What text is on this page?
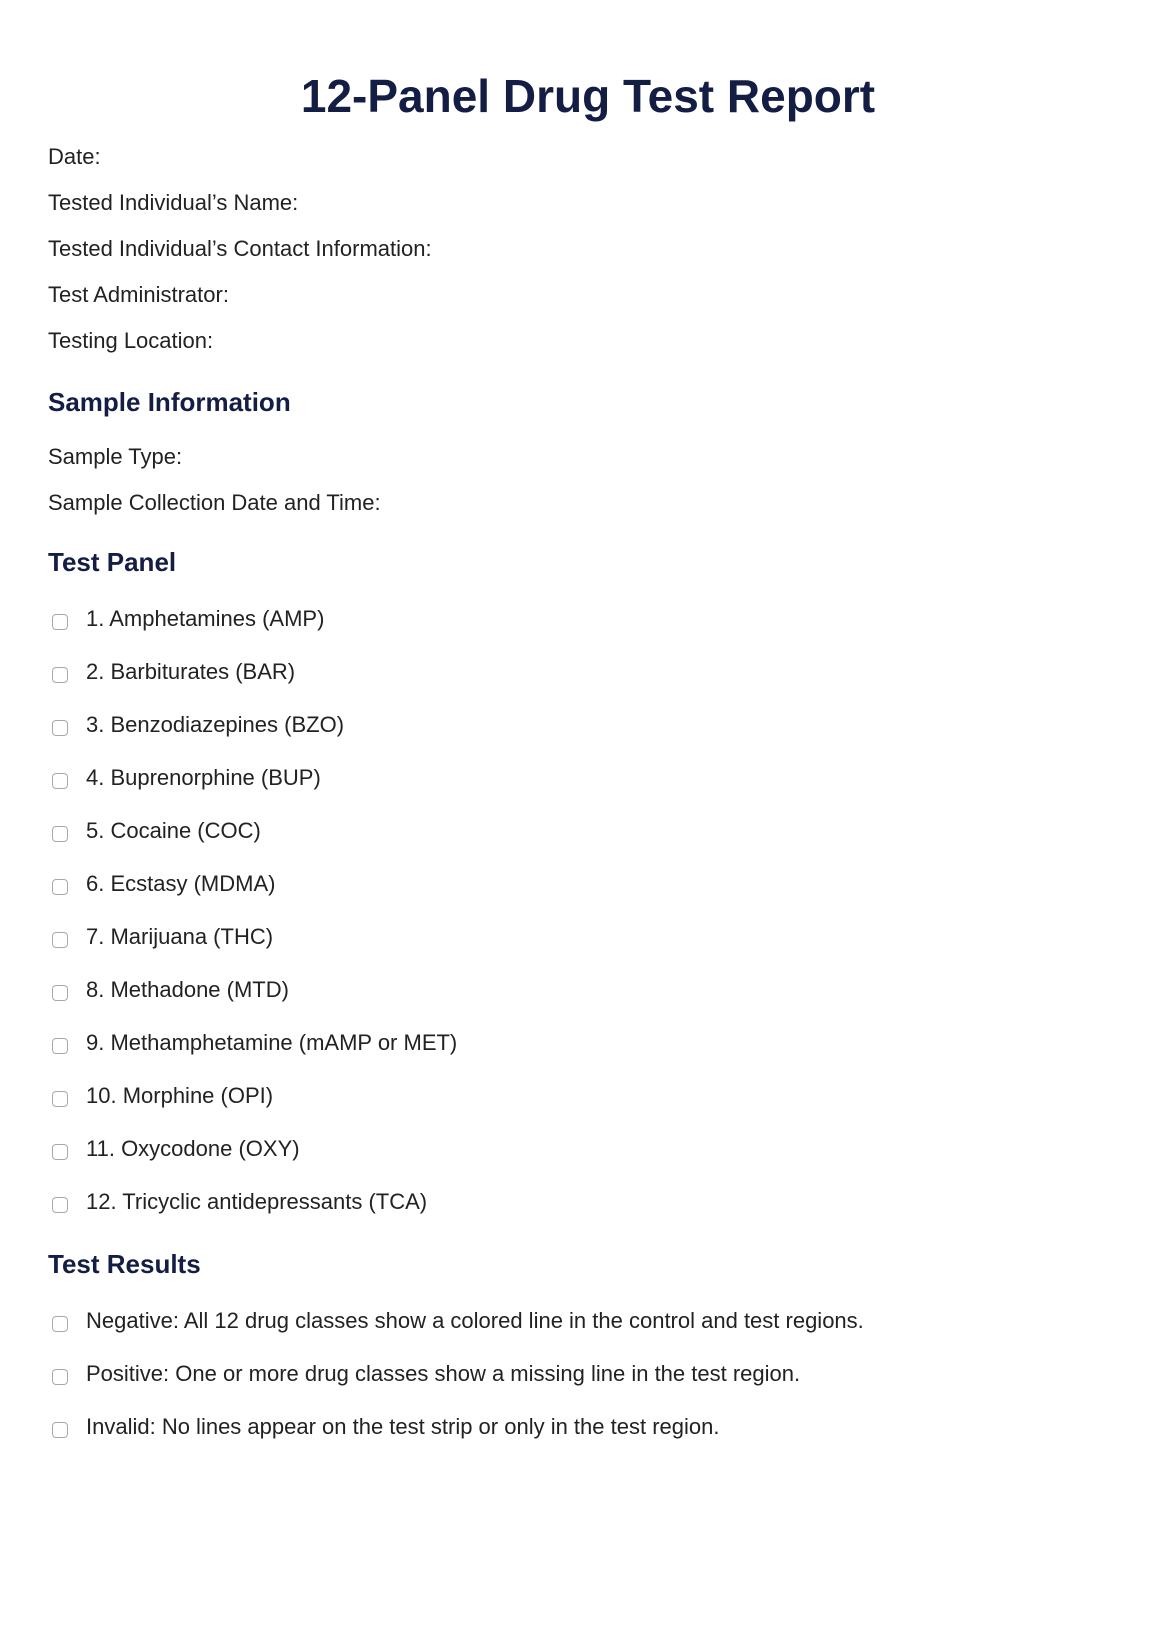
12-Panel Drug Test Report
Date:
Tested Individual’s Name:
Tested Individual’s Contact Information:
Test Administrator:
Testing Location:
Sample Information
Sample Type:
Sample Collection Date and Time:
Test Panel
1. Amphetamines (AMP)
2. Barbiturates (BAR)
3. Benzodiazepines (BZO)
4. Buprenorphine (BUP)
5. Cocaine (COC)
6. Ecstasy (MDMA)
7. Marijuana (THC)
8. Methadone (MTD)
9. Methamphetamine (mAMP or MET)
10. Morphine (OPI)
11. Oxycodone (OXY)
12. Tricyclic antidepressants (TCA)
Test Results
Negative: All 12 drug classes show a colored line in the control and test regions.
Positive: One or more drug classes show a missing line in the test region.
Invalid: No lines appear on the test strip or only in the test region.
